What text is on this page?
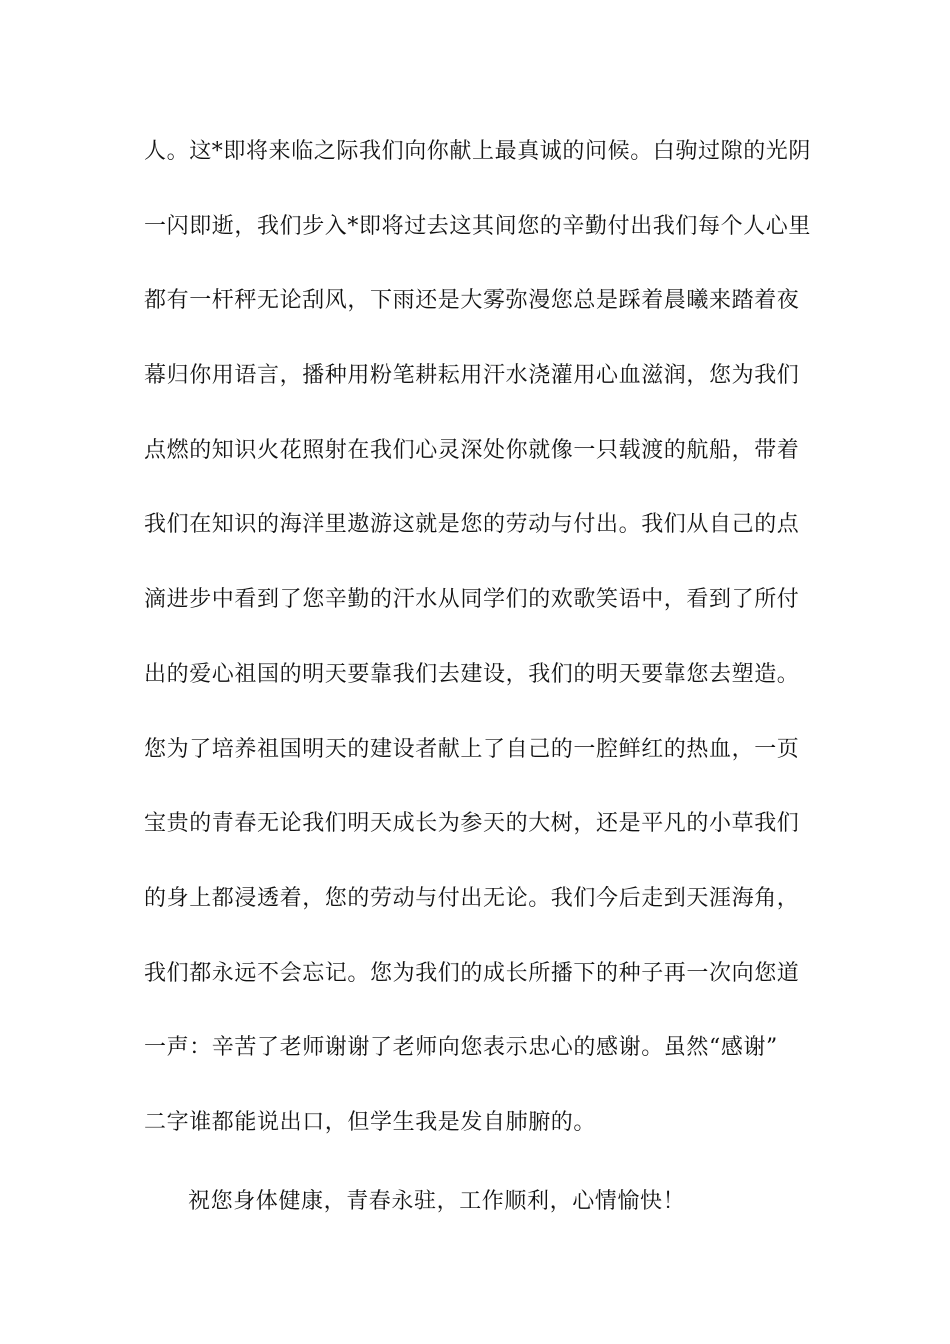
人。这*即将来临之际我们向你献上最真诚的问候。白驹过隙的光阴
一闪即逝，我们步入*即将过去这其间您的辛勤付出我们每个人心里
都有一杆秤无论刮风，下雨还是大雾弥漫您总是踩着晨曦来踏着夜
幕归你用语言，播种用粉笔耕耘用汗水浇灌用心血滋润，您为我们
点燃的知识火花照射在我们心灵深处你就像一只载渡的航船，带着
我们在知识的海洋里遨游这就是您的劳动与付出。我们从自己的点
滴进步中看到了您辛勤的汗水从同学们的欢歌笑语中，看到了所付
出的爱心祖国的明天要靠我们去建设，我们的明天要靠您去塑造。
您为了培养祖国明天的建设者献上了自己的一腔鲜红的热血，一页
宝贵的青春无论我们明天成长为参天的大树，还是平凡的小草我们
的身上都浸透着，您的劳动与付出无论。我们今后走到天涯海角，
我们都永远不会忘记。您为我们的成长所播下的种子再一次向您道
一声：辛苦了老师谢谢了老师向您表示忠心的感谢。虽然“感谢”
二字谁都能说出口，但学生我是发自肺腑的。
祝您身体健康，青春永驻，工作顺利，心情愉快！
